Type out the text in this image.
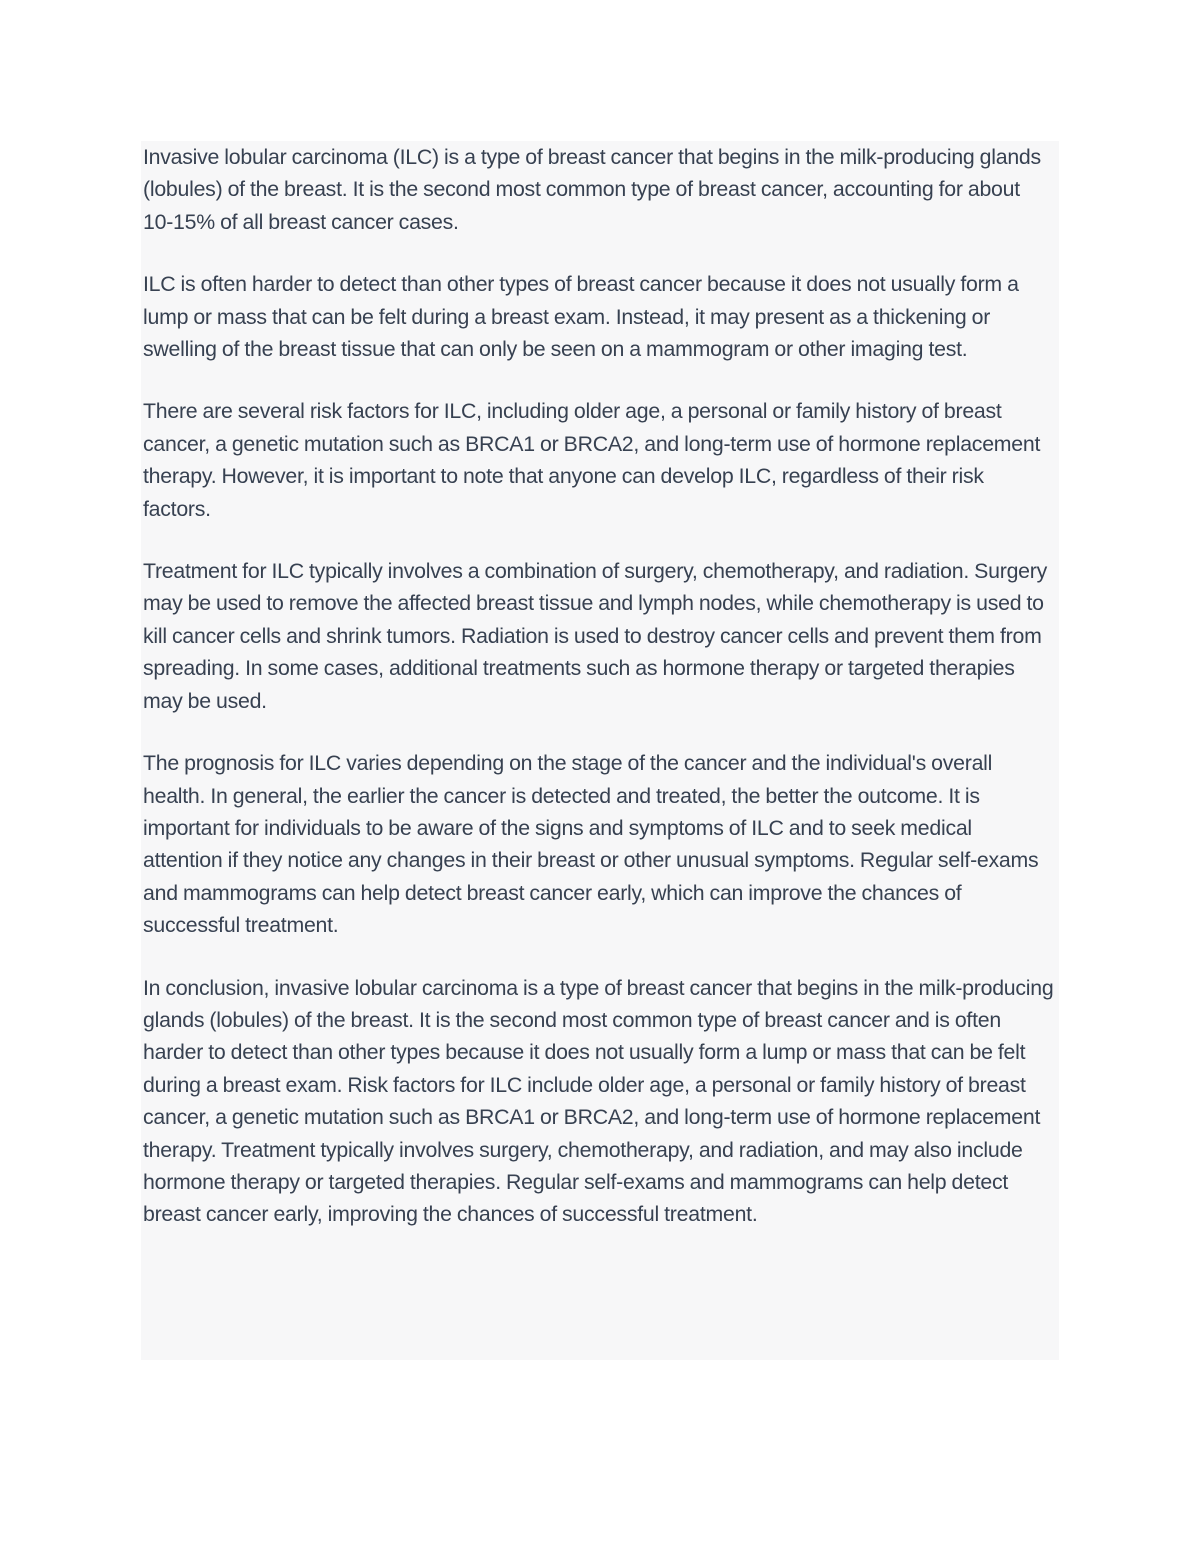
Invasive lobular carcinoma (ILC) is a type of breast cancer that begins in the milk-producing glands (lobules) of the breast. It is the second most common type of breast cancer, accounting for about 10-15% of all breast cancer cases.

ILC is often harder to detect than other types of breast cancer because it does not usually form a lump or mass that can be felt during a breast exam. Instead, it may present as a thickening or swelling of the breast tissue that can only be seen on a mammogram or other imaging test.

There are several risk factors for ILC, including older age, a personal or family history of breast cancer, a genetic mutation such as BRCA1 or BRCA2, and long-term use of hormone replacement therapy. However, it is important to note that anyone can develop ILC, regardless of their risk factors.

Treatment for ILC typically involves a combination of surgery, chemotherapy, and radiation. Surgery may be used to remove the affected breast tissue and lymph nodes, while chemotherapy is used to kill cancer cells and shrink tumors. Radiation is used to destroy cancer cells and prevent them from spreading. In some cases, additional treatments such as hormone therapy or targeted therapies may be used.

The prognosis for ILC varies depending on the stage of the cancer and the individual's overall health. In general, the earlier the cancer is detected and treated, the better the outcome. It is important for individuals to be aware of the signs and symptoms of ILC and to seek medical attention if they notice any changes in their breast or other unusual symptoms. Regular self-exams and mammograms can help detect breast cancer early, which can improve the chances of successful treatment.

In conclusion, invasive lobular carcinoma is a type of breast cancer that begins in the milk-producing glands (lobules) of the breast. It is the second most common type of breast cancer and is often harder to detect than other types because it does not usually form a lump or mass that can be felt during a breast exam. Risk factors for ILC include older age, a personal or family history of breast cancer, a genetic mutation such as BRCA1 or BRCA2, and long-term use of hormone replacement therapy. Treatment typically involves surgery, chemotherapy, and radiation, and may also include hormone therapy or targeted therapies. Regular self-exams and mammograms can help detect breast cancer early, improving the chances of successful treatment.
